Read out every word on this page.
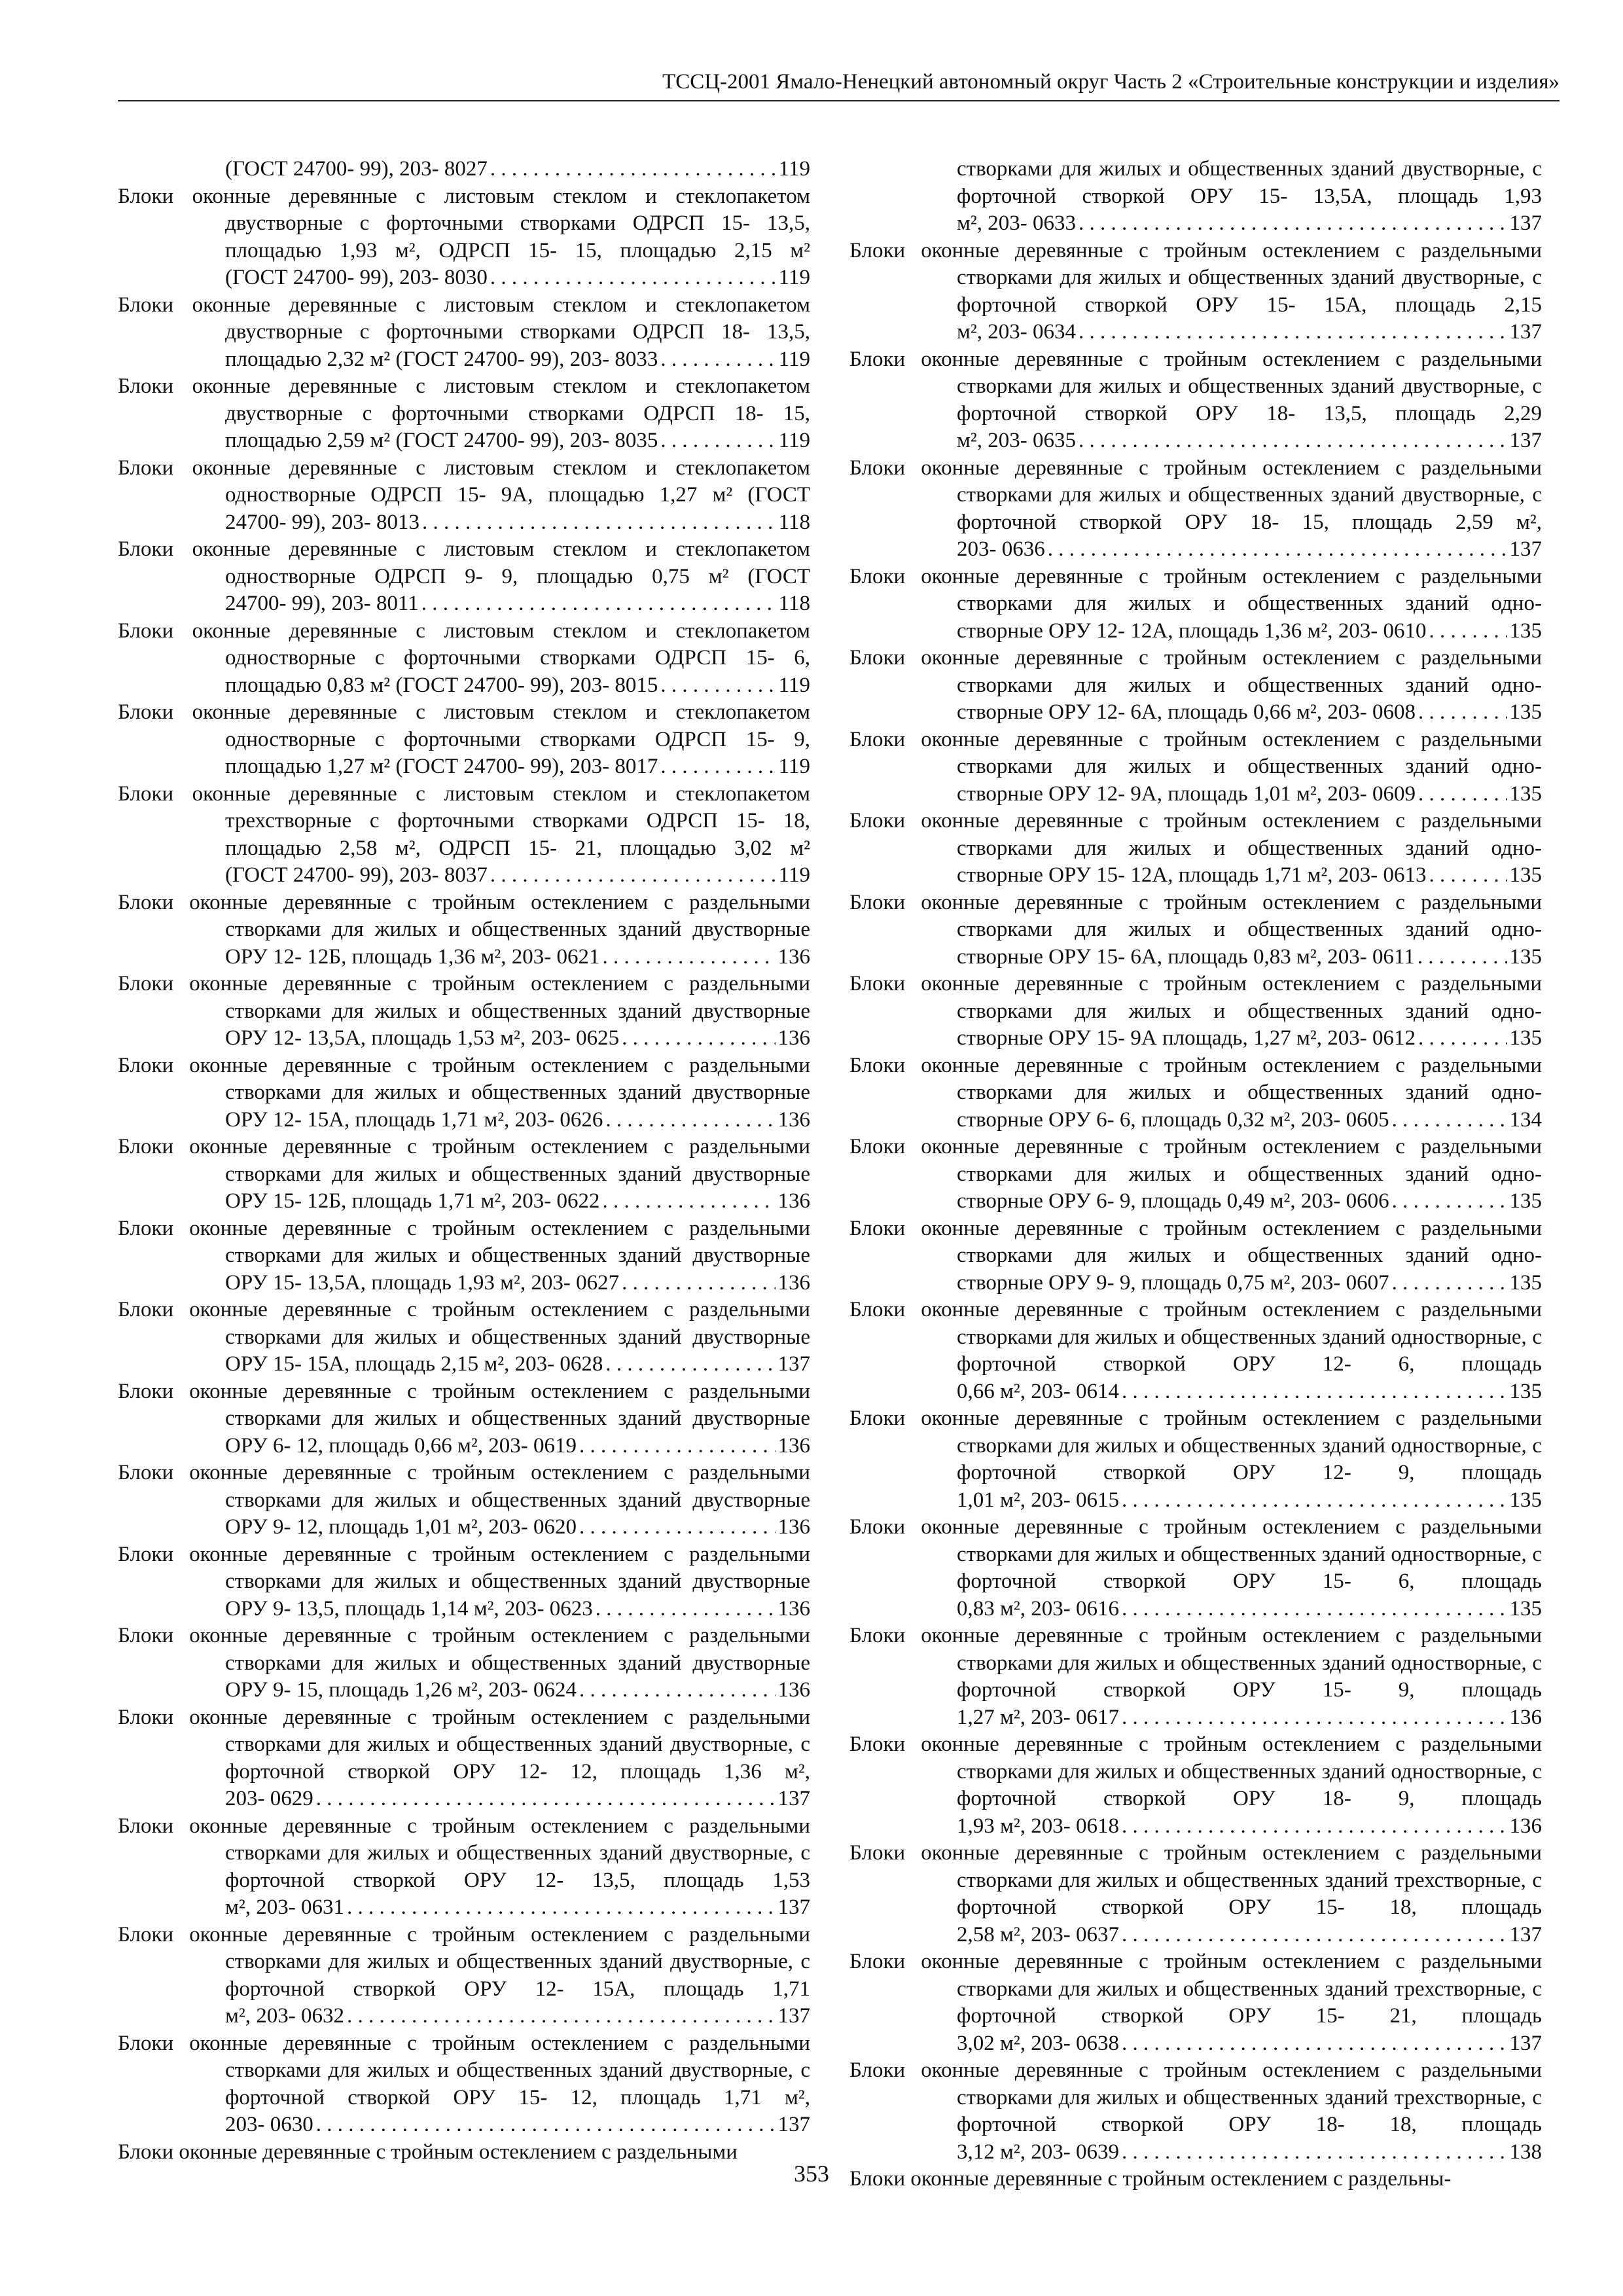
ТССЦ-2001 Ямало-Ненецкий автономный округ Часть 2 «Строительные конструкции и изделия»
(ГОСТ 24700- 99), 203- 8027 . . .	119
Блоки оконные деревянные с листовым стеклом и стеклопакетом двустворные с форточными створками ОДРСП 15- 13,5, площадью 1,93 м², ОДРСП 15- 15, площадью 2,15 м²
(ГОСТ 24700- 99), 203- 8030 . . .	119
Блоки оконные деревянные с листовым стеклом и стеклопакетом двустворные с форточными створками ОДРСП 18- 13,5,
площадью 2,32 м² (ГОСТ 24700- 99), 203- 8033 . . .	119
Блоки оконные деревянные с листовым стеклом и стеклопакетом двустворные с форточными створками ОДРСП 18- 15,
площадью 2,59 м² (ГОСТ 24700- 99), 203- 8035 . . .	119
Блоки оконные деревянные с листовым стеклом и стеклопакетом одностворные ОДРСП 15- 9А, площадью 1,27 м² (ГОСТ
24700- 99), 203- 8013 . . .	118
Блоки оконные деревянные с листовым стеклом и стеклопакетом одностворные ОДРСП 9- 9, площадью 0,75 м² (ГОСТ
24700- 99), 203- 8011 . . .	118
Блоки оконные деревянные с листовым стеклом и стеклопакетом одностворные с форточными створками ОДРСП 15- 6,
площадью 0,83 м² (ГОСТ 24700- 99), 203- 8015 . . .	119
Блоки оконные деревянные с листовым стеклом и стеклопакетом одностворные с форточными створками ОДРСП 15- 9,
площадью 1,27 м² (ГОСТ 24700- 99), 203- 8017 . . .	119
Блоки оконные деревянные с листовым стеклом и стеклопакетом трехстворные с форточными створками ОДРСП 15- 18, площадью 2,58 м², ОДРСП 15- 21, площадью 3,02 м²
(ГОСТ 24700- 99), 203- 8037 . . .	119
Блоки оконные деревянные с тройным остеклением с раздельными створками для жилых и общественных зданий двустворные
ОРУ 12- 12Б, площадь 1,36 м², 203- 0621 . . .	136
Блоки оконные деревянные с тройным остеклением с раздельными створками для жилых и общественных зданий двустворные
ОРУ 12- 13,5А, площадь 1,53 м², 203- 0625 . . .	136
Блоки оконные деревянные с тройным остеклением с раздельными створками для жилых и общественных зданий двустворные
ОРУ 12- 15А, площадь 1,71 м², 203- 0626 . . .	136
Блоки оконные деревянные с тройным остеклением с раздельными створками для жилых и общественных зданий двустворные
ОРУ 15- 12Б, площадь 1,71 м², 203- 0622 . . .	136
Блоки оконные деревянные с тройным остеклением с раздельными створками для жилых и общественных зданий двустворные
ОРУ 15- 13,5А, площадь 1,93 м², 203- 0627 . . .	136
Блоки оконные деревянные с тройным остеклением с раздельными створками для жилых и общественных зданий двустворные
ОРУ 15- 15А, площадь 2,15 м², 203- 0628 . . .	137
Блоки оконные деревянные с тройным остеклением с раздельными створками для жилых и общественных зданий двустворные
ОРУ 6- 12, площадь 0,66 м², 203- 0619 . . .	136
Блоки оконные деревянные с тройным остеклением с раздельными створками для жилых и общественных зданий двустворные
ОРУ 9- 12, площадь 1,01 м², 203- 0620 . . .	136
Блоки оконные деревянные с тройным остеклением с раздельными створками для жилых и общественных зданий двустворные
ОРУ 9- 13,5, площадь 1,14 м², 203- 0623 . . .	136
Блоки оконные деревянные с тройным остеклением с раздельными створками для жилых и общественных зданий двустворные
ОРУ 9- 15, площадь 1,26 м², 203- 0624 . . .	136
Блоки оконные деревянные с тройным остеклением с раздельными створками для жилых и общественных зданий двустворные, с форточной створкой ОРУ 12- 12, площадь 1,36 м²,
203- 0629 . . .	137
Блоки оконные деревянные с тройным остеклением с раздельными створками для жилых и общественных зданий двустворные, с форточной створкой ОРУ 12- 13,5, площадь 1,53
м², 203- 0631 . . .	137
Блоки оконные деревянные с тройным остеклением с раздельными створками для жилых и общественных зданий двустворные, с форточной створкой ОРУ 12- 15А, площадь 1,71
м², 203- 0632 . . .	137
Блоки оконные деревянные с тройным остеклением с раздельными створками для жилых и общественных зданий двустворные, с форточной створкой ОРУ 15- 12, площадь 1,71 м²,
203- 0630 . . .	137
Блоки оконные деревянные с тройным остеклением с раздельными
створками для жилых и общественных зданий двустворные, с форточной створкой ОРУ 15- 13,5А, площадь 1,93
м², 203- 0633 . . .	137
Блоки оконные деревянные с тройным остеклением с раздельными створками для жилых и общественных зданий двустворные, с форточной створкой ОРУ 15- 15А, площадь 2,15
м², 203- 0634 . . .	137
Блоки оконные деревянные с тройным остеклением с раздельными створками для жилых и общественных зданий двустворные, с форточной створкой ОРУ 18- 13,5, площадь 2,29
м², 203- 0635 . . .	137
Блоки оконные деревянные с тройным остеклением с раздельными створками для жилых и общественных зданий двустворные, с форточной створкой ОРУ 18- 15, площадь 2,59 м²,
203- 0636 . . .	137
Блоки оконные деревянные с тройным остеклением с раздельными створками для жилых и общественных зданий одно-
створные ОРУ 12- 12А, площадь 1,36 м², 203- 0610 . . .	135
Блоки оконные деревянные с тройным остеклением с раздельными створками для жилых и общественных зданий одно-
створные ОРУ 12- 6А, площадь 0,66 м², 203- 0608 . . .	135
Блоки оконные деревянные с тройным остеклением с раздельными створками для жилых и общественных зданий одно-
створные ОРУ 12- 9А, площадь 1,01 м², 203- 0609 . . .	135
Блоки оконные деревянные с тройным остеклением с раздельными створками для жилых и общественных зданий одно-
створные ОРУ 15- 12А, площадь 1,71 м², 203- 0613 . . .	135
Блоки оконные деревянные с тройным остеклением с раздельными створками для жилых и общественных зданий одно-
створные ОРУ 15- 6А, площадь 0,83 м², 203- 0611 . . .	135
Блоки оконные деревянные с тройным остеклением с раздельными створками для жилых и общественных зданий одно-
створные ОРУ 15- 9А площадь, 1,27 м², 203- 0612 . . .	135
Блоки оконные деревянные с тройным остеклением с раздельными створками для жилых и общественных зданий одно-
створные ОРУ 6- 6, площадь 0,32 м², 203- 0605 . . .	134
Блоки оконные деревянные с тройным остеклением с раздельными створками для жилых и общественных зданий одно-
створные ОРУ 6- 9, площадь 0,49 м², 203- 0606 . . .	135
Блоки оконные деревянные с тройным остеклением с раздельными створками для жилых и общественных зданий одно-
створные ОРУ 9- 9, площадь 0,75 м², 203- 0607 . . .	135
Блоки оконные деревянные с тройным остеклением с раздельными створками для жилых и общественных зданий одностворные, с форточной створкой ОРУ 12- 6, площадь
0,66 м², 203- 0614 . . .	135
Блоки оконные деревянные с тройным остеклением с раздельными створками для жилых и общественных зданий одностворные, с форточной створкой ОРУ 12- 9, площадь
1,01 м², 203- 0615 . . .	135
Блоки оконные деревянные с тройным остеклением с раздельными створками для жилых и общественных зданий одностворные, с форточной створкой ОРУ 15- 6, площадь
0,83 м², 203- 0616 . . .	135
Блоки оконные деревянные с тройным остеклением с раздельными створками для жилых и общественных зданий одностворные, с форточной створкой ОРУ 15- 9, площадь
1,27 м², 203- 0617 . . .	136
Блоки оконные деревянные с тройным остеклением с раздельными створками для жилых и общественных зданий одностворные, с форточной створкой ОРУ 18- 9, площадь
1,93 м², 203- 0618 . . .	136
Блоки оконные деревянные с тройным остеклением с раздельными створками для жилых и общественных зданий трехстворные, с форточной створкой ОРУ 15- 18, площадь
2,58 м², 203- 0637 . . .	137
Блоки оконные деревянные с тройным остеклением с раздельными створками для жилых и общественных зданий трехстворные, с форточной створкой ОРУ 15- 21, площадь
3,02 м², 203- 0638 . . .	137
Блоки оконные деревянные с тройным остеклением с раздельными створками для жилых и общественных зданий трехстворные, с форточной створкой ОРУ 18- 18, площадь
3,12 м², 203- 0639 . . .	138
Блоки оконные деревянные с тройным остеклением с раздельны-
353
